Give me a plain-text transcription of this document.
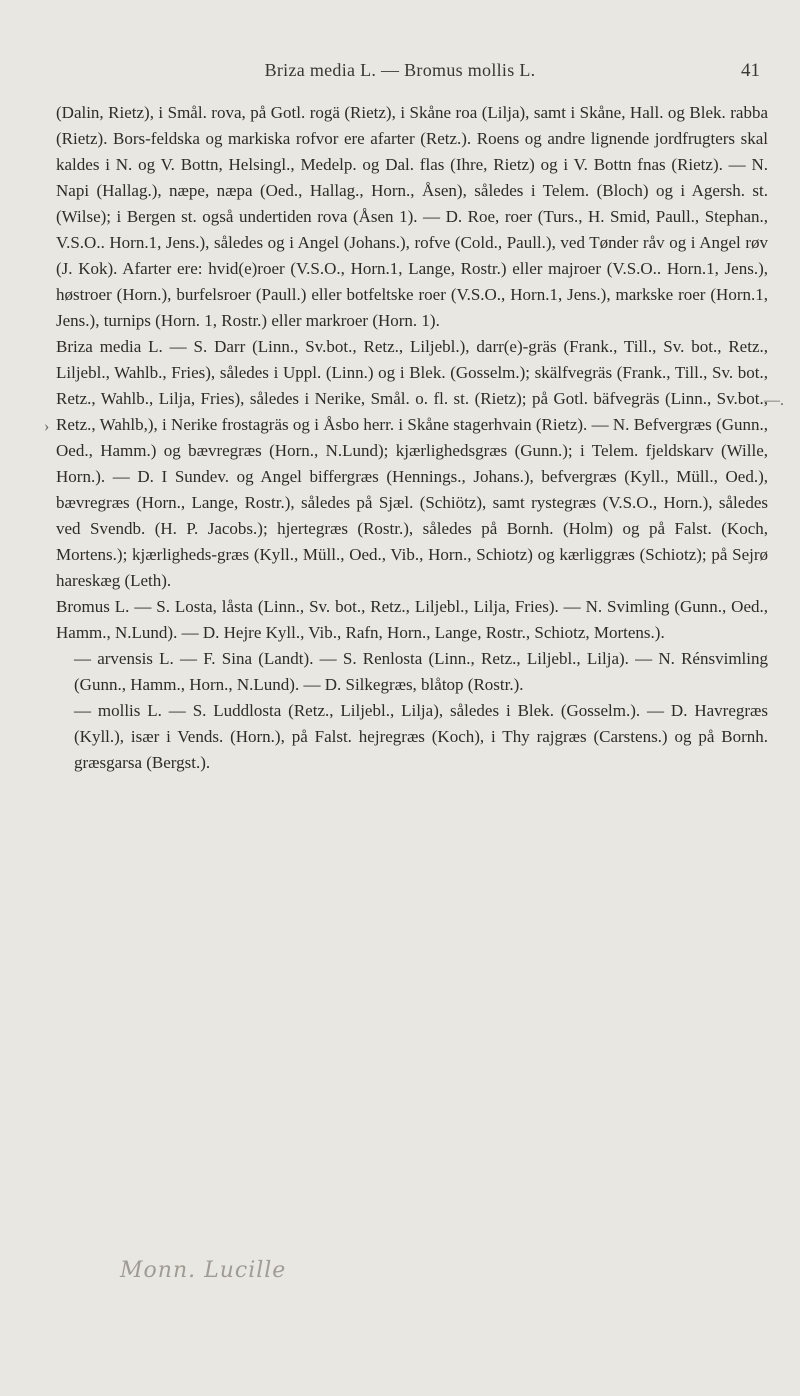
Briza media L. — Bromus mollis L.	41

(Dalin, Rietz), i Smål. rova, på Gotl. rogä (Rietz), i Skåne roa (Lilja), samt i Skåne, Hall. og Blek. rabba (Rietz). Bors-feldska og markiska rofvor ere afarter (Retz.). Roens og andre lignende jordfrugters skal kaldes i N. og V. Bottn, Helsingl., Medelp. og Dal. flas (Ihre, Rietz) og i V. Bottn fnas (Rietz). — N. Napi (Hallag.), næpe, næpa (Oed., Hallag., Horn., Åsen), således i Telem. (Bloch) og i Agersh. st. (Wilse); i Bergen st. også undertiden rova (Åsen 1). — D. Roe, roer (Turs., H. Smid, Paull., Stephan., V.S.O.. Horn.1, Jens.), således og i Angel (Johans.), rofve (Cold., Paull.), ved Tønder råv og i Angel røv (J. Kok). Afarter ere: hvid(e)roer (V.S.O., Horn.1, Lange, Rostr.) eller majroer (V.S.O.. Horn.1, Jens.), høstroer (Horn.), burfelsroer (Paull.) eller botfeltske roer (V.S.O., Horn.1, Jens.), markske roer (Horn.1, Jens.), turnips (Horn. 1, Rostr.) eller markroer (Horn. 1).

Briza media L. — S. Darr (Linn., Sv.bot., Retz., Liljebl.), darr(e)-gräs (Frank., Till., Sv. bot., Retz., Liljebl., Wahlb., Fries), således i Uppl. (Linn.) og i Blek. (Gosselm.); skälfvegräs (Frank., Till., Sv. bot., Retz., Wahlb., Lilja, Fries), således i Nerike, Smål. o. fl. st. (Rietz); på Gotl. bäfvegräs (Linn., Sv.bot., Retz., Wahlb,), i Nerike frostagräs og i Åsbo herr. i Skåne stagerhvain (Rietz). — N. Befvergræs (Gunn., Oed., Hamm.) og bævregræs (Horn., N.Lund); kjærlighedsgræs (Gunn.); i Telem. fjeldskarv (Wille, Horn.). — D. I Sundev. og Angel biffergræs (Hennings., Johans.), befvergræs (Kyll., Müll., Oed.), bævregræs (Horn., Lange, Rostr.), således på Sjæl. (Schiötz), samt rystegræs (V.S.O., Horn.), således ved Svendb. (H. P. Jacobs.); hjertegræs (Rostr.), således på Bornh. (Holm) og på Falst. (Koch, Mortens.); kjærligheds-græs (Kyll., Müll., Oed., Vib., Horn., Schiotz) og kærliggræs (Schiotz); på Sejrø hareskæg (Leth).

Bromus L. — S. Losta, låsta (Linn., Sv. bot., Retz., Liljebl., Lilja, Fries). — N. Svimling (Gunn., Oed., Hamm., N.Lund). — D. Hejre Kyll., Vib., Rafn, Horn., Lange, Rostr., Schiotz, Mortens.).

— arvensis L. — F. Sina (Landt). — S. Renlosta (Linn., Retz., Liljebl., Lilja). — N. Rénsvimling (Gunn., Hamm., Horn., N.Lund). — D. Silkegræs, blåtop (Rostr.).

— mollis L. — S. Luddlosta (Retz., Liljebl., Lilja), således i Blek. (Gosselm.). — D. Havregræs (Kyll.), især i Vends. (Horn.), på Falst. hejregræs (Koch), i Thy rajgræs (Carstens.) og på Bornh. græsgarsa (Bergst.).

—.
›
Monn. Lucille
